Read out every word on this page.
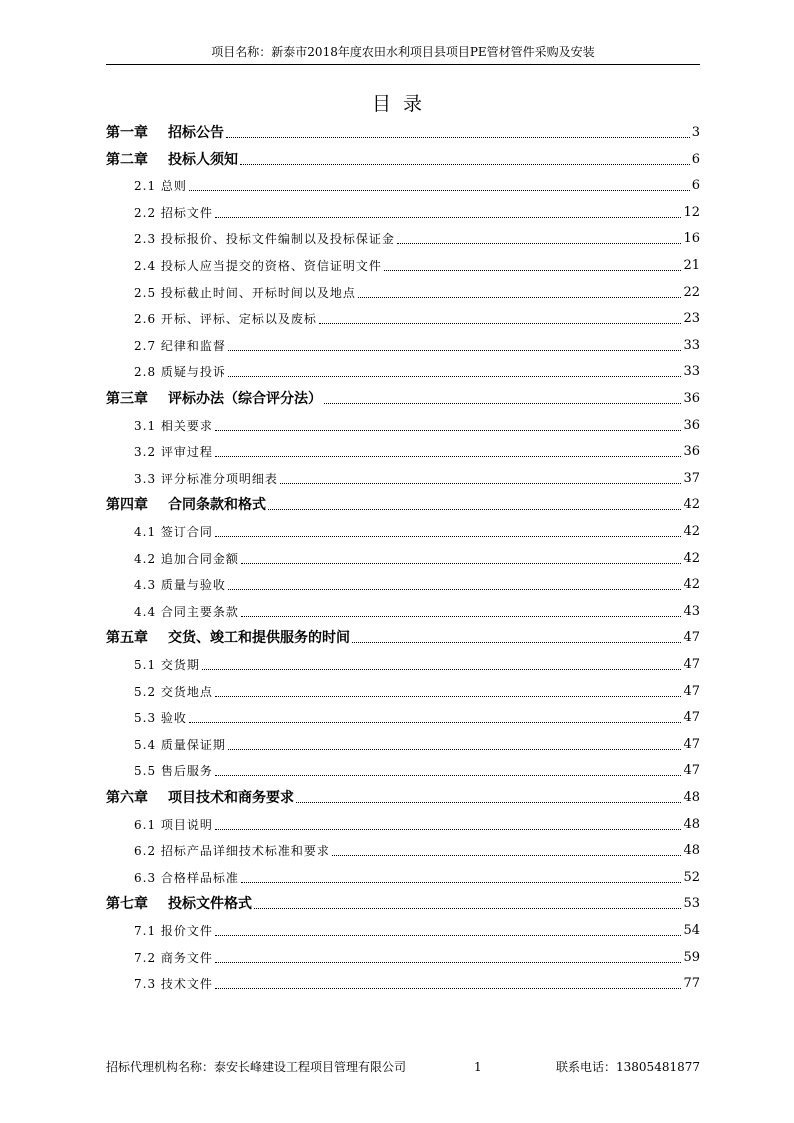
项目名称：新泰市2018年度农田水利项目县项目PE管材管件采购及安装
目录
第一章 招标公告	3
第二章 投标人须知	6
2.1 总则	6
2.2 招标文件	12
2.3 投标报价、投标文件编制以及投标保证金	16
2.4 投标人应当提交的资格、资信证明文件	21
2.5 投标截止时间、开标时间以及地点	22
2.6 开标、评标、定标以及废标	23
2.7 纪律和监督	33
2.8 质疑与投诉	33
第三章 评标办法（综合评分法）	36
3.1 相关要求	36
3.2 评审过程	36
3.3 评分标准分项明细表	37
第四章 合同条款和格式	42
4.1 签订合同	42
4.2 追加合同金额	42
4.3 质量与验收	42
4.4 合同主要条款	43
第五章 交货、竣工和提供服务的时间	47
5.1 交货期	47
5.2 交货地点	47
5.3 验收	47
5.4 质量保证期	47
5.5 售后服务	47
第六章 项目技术和商务要求	48
6.1 项目说明	48
6.2 招标产品详细技术标准和要求	48
6.3 合格样品标准	52
第七章 投标文件格式	53
7.1 报价文件	54
7.2 商务文件	59
7.3 技术文件	77
招标代理机构名称：泰安长峰建设工程项目管理有限公司	1	联系电话：13805481877
